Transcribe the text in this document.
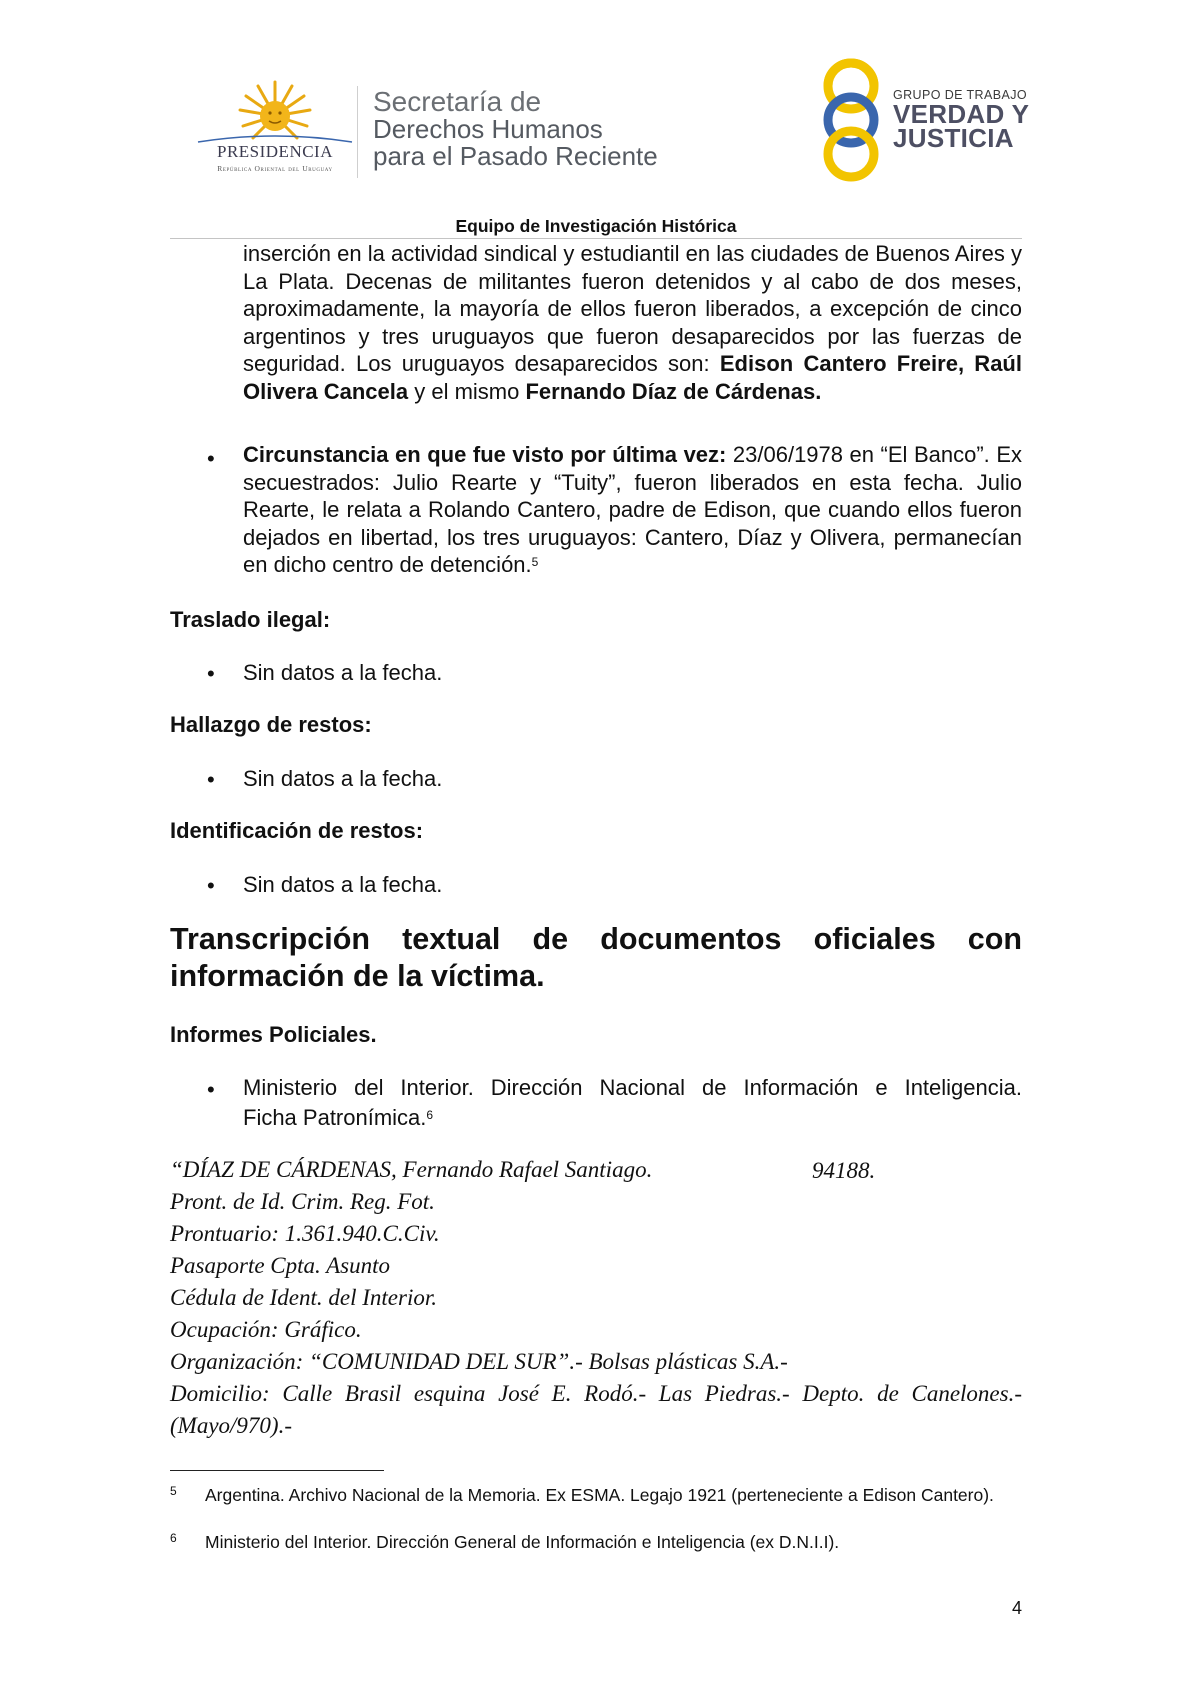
PRESIDENCIA
República Oriental del Uruguay
Secretaría de
Derechos Humanos
para el Pasado Reciente
GRUPO DE TRABAJO
VERDAD Y
JUSTICIA
Equipo de Investigación Histórica
inserción en la actividad sindical y estudiantil en las ciudades de Buenos Aires y La Plata. Decenas de militantes fueron detenidos y al cabo de dos meses, aproximadamente, la mayoría de ellos fueron liberados, a excepción de cinco argentinos y tres uruguayos que fueron desaparecidos por las fuerzas de seguridad. Los uruguayos desaparecidos son: Edison Cantero Freire, Raúl Olivera Cancela y el mismo Fernando Díaz de Cárdenas.
• Circunstancia en que fue visto por última vez: 23/06/1978 en “El Banco”. Ex secuestrados: Julio Rearte y “Tuity”, fueron liberados en esta fecha. Julio Rearte, le relata a Rolando Cantero, padre de Edison, que cuando ellos fueron dejados en libertad, los tres uruguayos: Cantero, Díaz y Olivera, permanecían en dicho centro de detención.$^5$
Traslado ilegal:
• Sin datos a la fecha.
Hallazgo de restos:
• Sin datos a la fecha.
Identificación de restos:
• Sin datos a la fecha.
Transcripción textual de documentos oficiales con
información de la víctima.
Informes Policiales.
• Ministerio del Interior. Dirección Nacional de Información e Inteligencia.
Ficha Patronímica.$^6$
“DÍAZ DE CÁRDENAS, Fernando Rafael Santiago.	94188.
Pront. de Id. Crim. Reg. Fot.
Prontuario: 1.361.940.C.Civ.
Pasaporte Cpta. Asunto
Cédula de Ident. del Interior.
Ocupación: Gráfico.
Organización: “COMUNIDAD DEL SUR”.- Bolsas plásticas S.A.-
Domicilio: Calle Brasil esquina José E. Rodó.- Las Piedras.- Depto. de Canelones.-
(Mayo/970).-
5 Argentina. Archivo Nacional de la Memoria. Ex ESMA. Legajo 1921 (perteneciente a Edison Cantero).
6 Ministerio del Interior. Dirección General de Información e Inteligencia (ex D.N.I.I).
4
